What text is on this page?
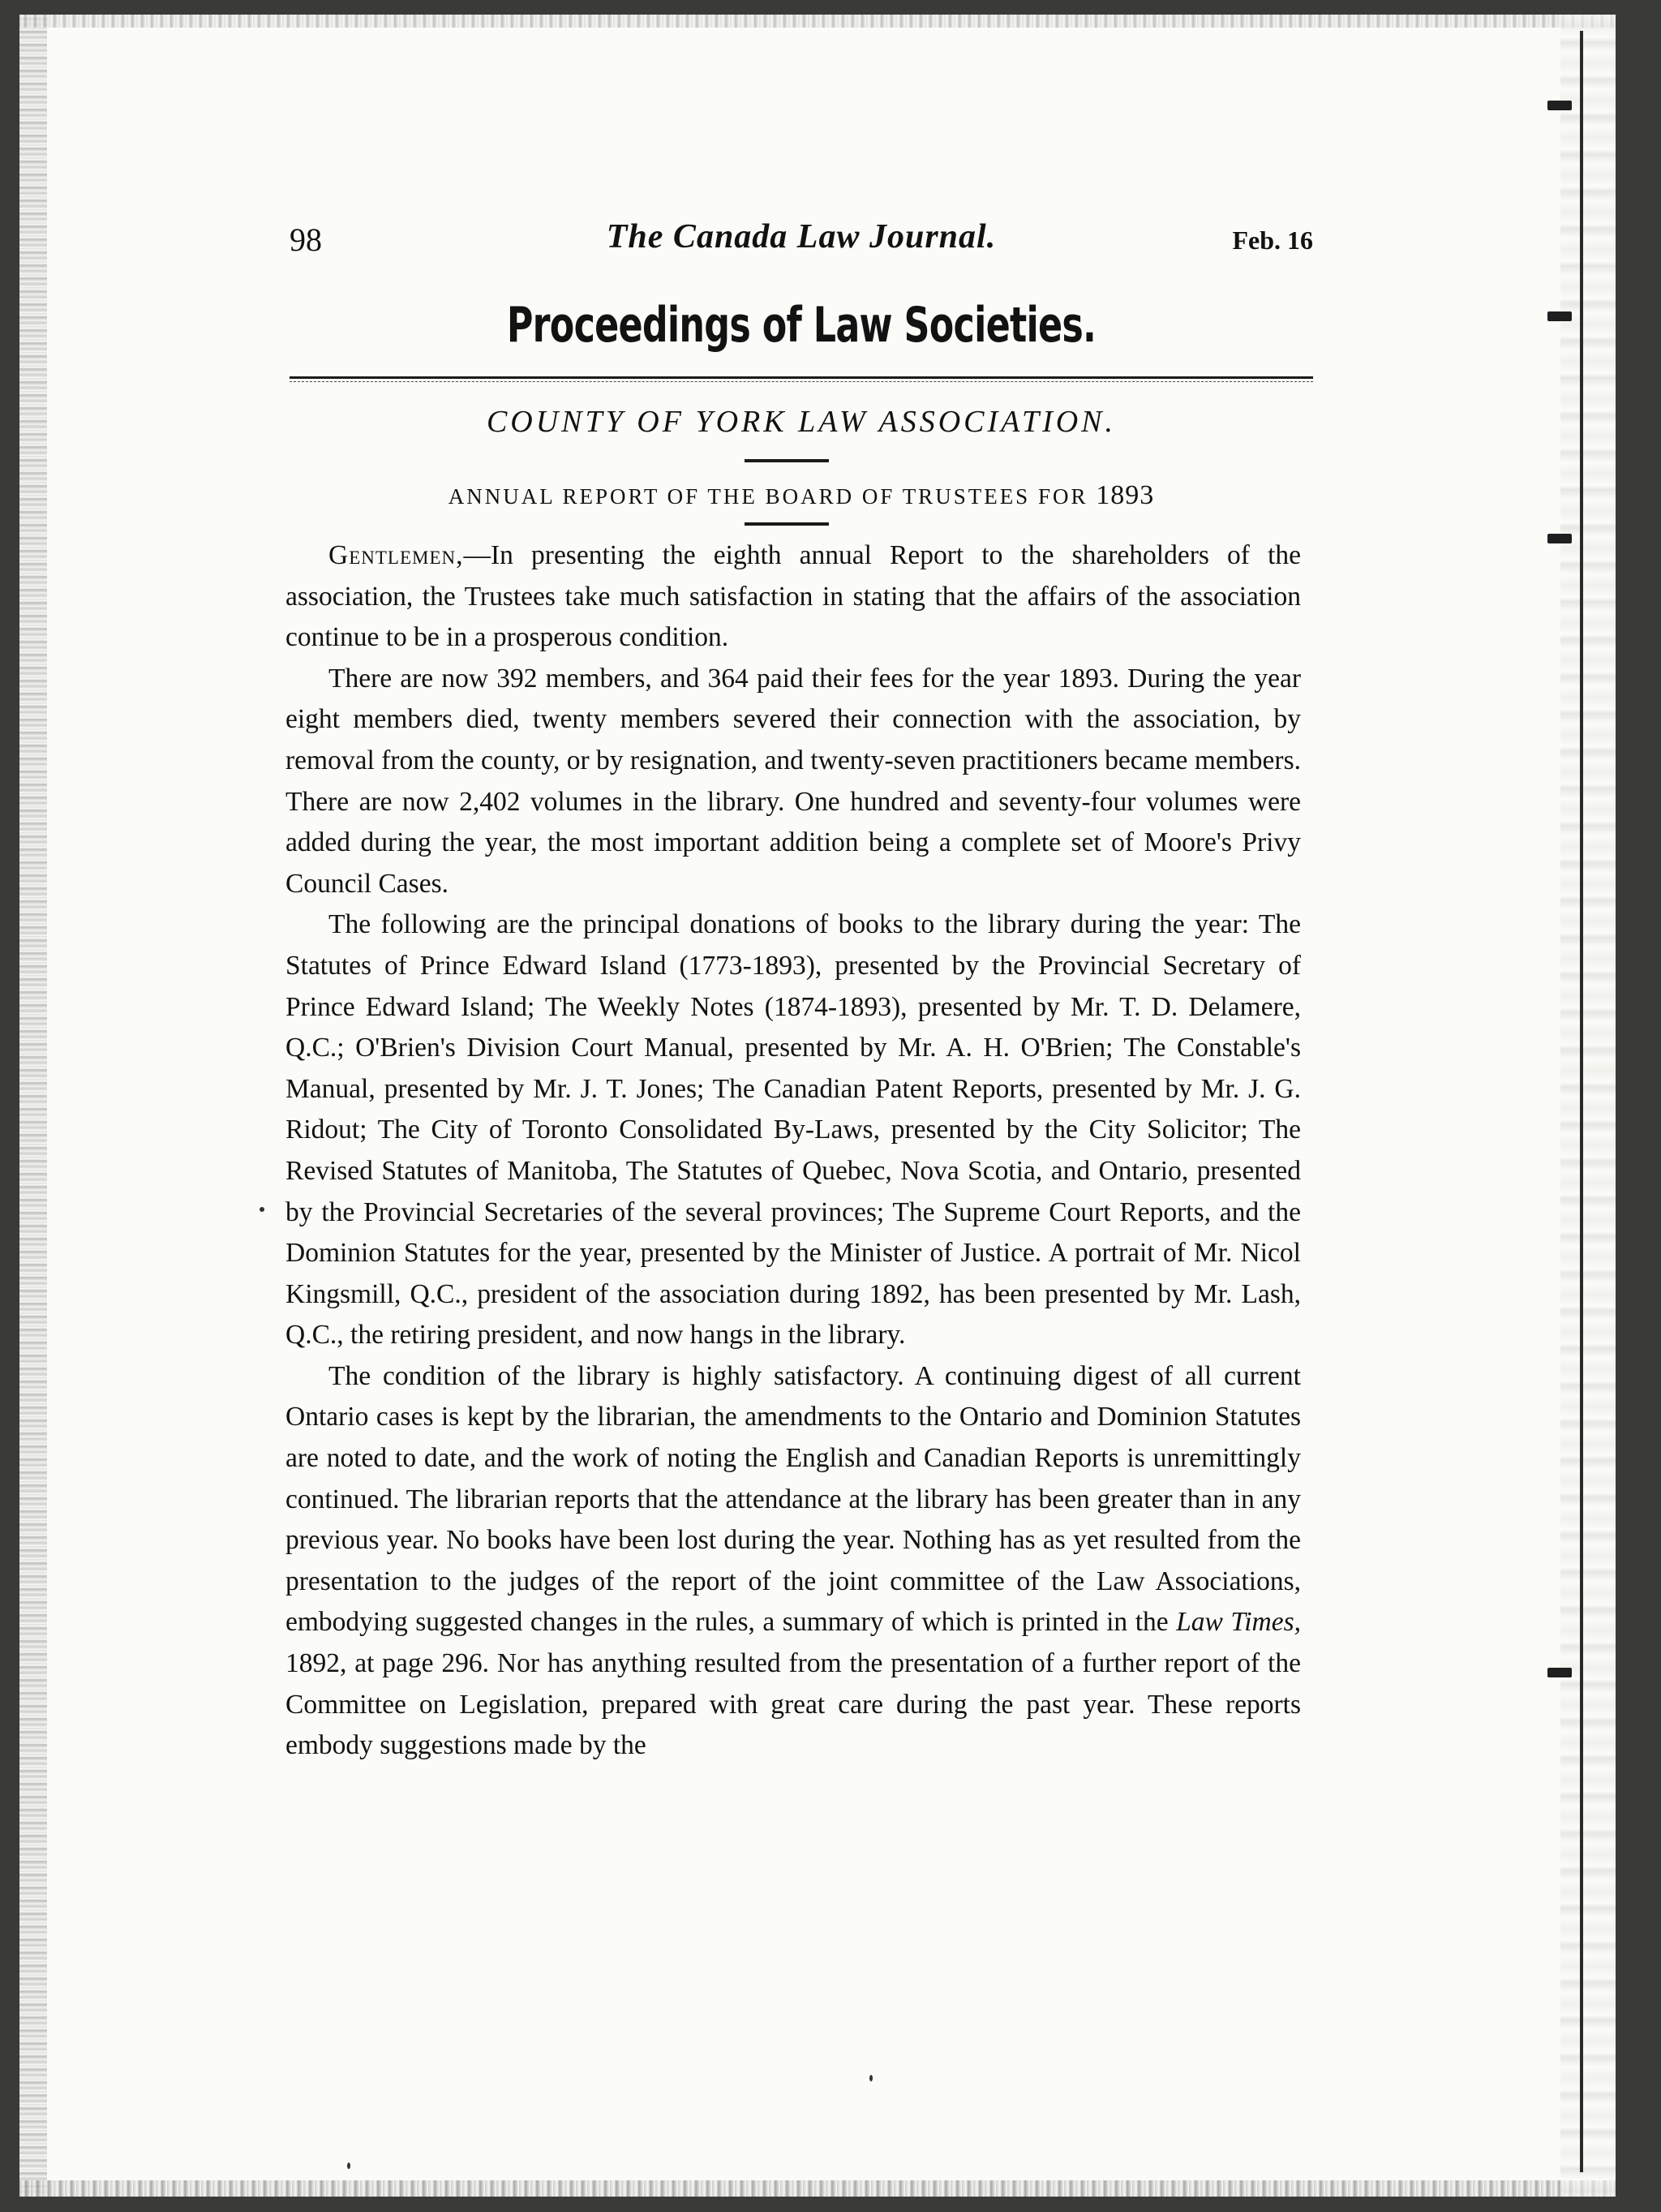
98	The Canada Law Journal.	Feb. 16
Proceedings of Law Societies.
COUNTY OF YORK LAW ASSOCIATION.
ANNUAL REPORT OF THE BOARD OF TRUSTEES FOR 1893

Gentlemen,—In presenting the eighth annual Report to the shareholders of the association, the Trustees take much satisfaction in stating that the affairs of the association continue to be in a prosperous condition.

There are now 392 members, and 364 paid their fees for the year 1893. During the year eight members died, twenty members severed their connection with the association, by removal from the county, or by resignation, and twenty-seven practitioners became members. There are now 2,402 volumes in the library. One hundred and seventy-four volumes were added during the year, the most important addition being a complete set of Moore's Privy Council Cases.

The following are the principal donations of books to the library during the year: The Statutes of Prince Edward Island (1773-1893), presented by the Provincial Secretary of Prince Edward Island; The Weekly Notes (1874-1893), presented by Mr. T. D. Delamere, Q.C.; O'Brien's Division Court Manual, presented by Mr. A. H. O'Brien; The Constable's Manual, presented by Mr. J. T. Jones; The Canadian Patent Reports, presented by Mr. J. G. Ridout; The City of Toronto Consolidated By-Laws, presented by the City Solicitor; The Revised Statutes of Manitoba, The Statutes of Quebec, Nova Scotia, and Ontario, presented by the Provincial Secretaries of the several provinces; The Supreme Court Reports, and the Dominion Statutes for the year, presented by the Minister of Justice. A portrait of Mr. Nicol Kingsmill, Q.C., president of the association during 1892, has been presented by Mr. Lash, Q.C., the retiring president, and now hangs in the library.

The condition of the library is highly satisfactory. A continuing digest of all current Ontario cases is kept by the librarian, the amendments to the Ontario and Dominion Statutes are noted to date, and the work of noting the English and Canadian Reports is unremittingly continued. The librarian reports that the attendance at the library has been greater than in any previous year. No books have been lost during the year. Nothing has as yet resulted from the presentation to the judges of the report of the joint committee of the Law Associations, embodying suggested changes in the rules, a summary of which is printed in the Law Times, 1892, at page 296. Nor has anything resulted from the presentation of a further report of the Committee on Legislation, prepared with great care during the past year. These reports embody suggestions made by the
